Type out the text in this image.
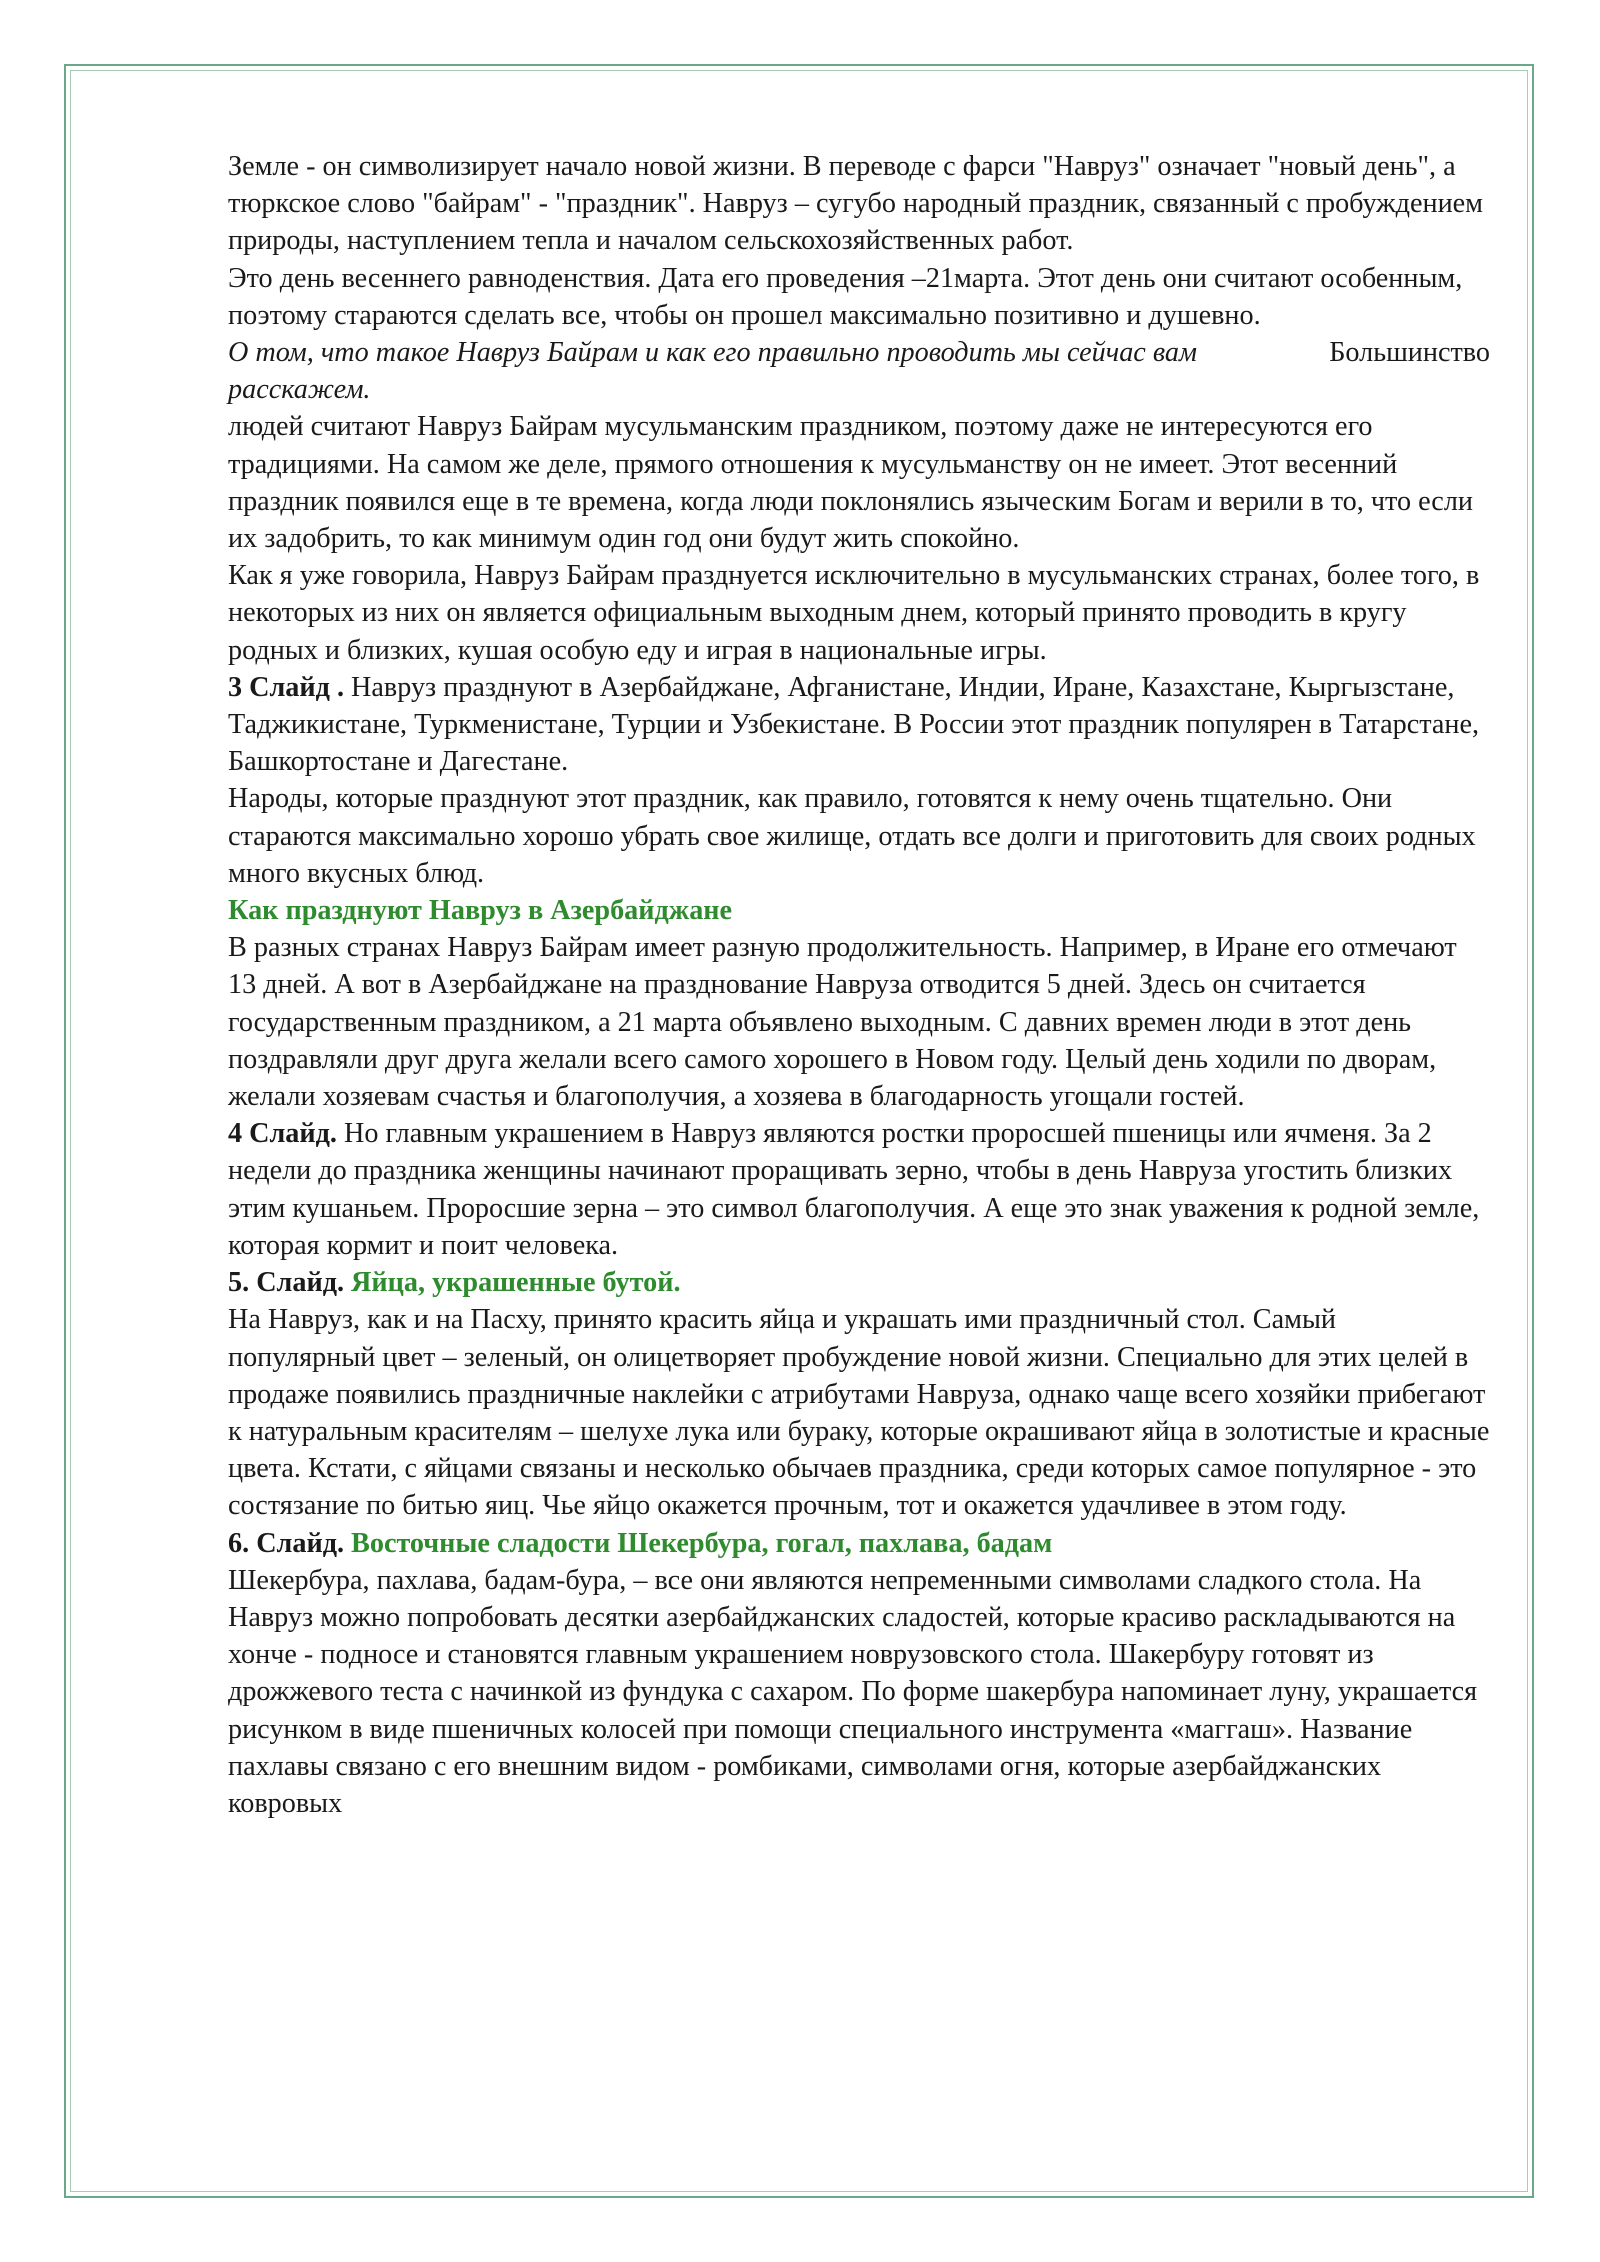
Земле - он символизирует начало новой жизни. В переводе с фарси "Навруз" означает "новый день", а тюркское слово "байрам" - "праздник". Навруз – сугубо народный праздник, связанный с пробуждением природы, наступлением тепла и началом сельскохозяйственных работ.

Это день весеннего равноденствия. Дата его проведения –21марта. Этот день они считают особенным, поэтому стараются сделать все, чтобы он прошел максимально позитивно и душевно.

Большинство
О том, что такое Навруз Байрам и как его правильно проводить мы сейчас вам расскажем.

людей считают Навруз Байрам мусульманским праздником, поэтому даже не интересуются его традициями. На самом же деле, прямого отношения к мусульманству он не имеет. Этот весенний праздник появился еще в те времена, когда люди поклонялись языческим Богам и верили в то, что если их задобрить, то как минимум один год они будут жить спокойно.

Как я уже говорила, Навруз Байрам празднуется исключительно в мусульманских странах, более того, в некоторых из них он является официальным выходным днем, который принято проводить в кругу родных и близких, кушая особую еду и играя в национальные игры.

3 Слайд . Навруз празднуют в Азербайджане, Афганистане, Индии, Иране, Казахстане, Кыргызстане, Таджикистане, Туркменистане, Турции и Узбекистане. В России этот праздник популярен в Татарстане, Башкортостане и Дагестане.

Народы, которые празднуют этот праздник, как правило, готовятся к нему очень тщательно. Они стараются максимально хорошо убрать свое жилище, отдать все долги и приготовить для своих родных много вкусных блюд.

Как празднуют Навруз в Азербайджане

В разных странах Навруз Байрам имеет разную продолжительность. Например, в Иране его отмечают 13 дней. А вот в Азербайджане на празднование Навруза отводится 5 дней. Здесь он считается государственным праздником, а 21 марта объявлено выходным. С давних времен люди в этот день поздравляли друг друга желали всего самого хорошего в Новом году. Целый день ходили по дворам, желали хозяевам счастья и благополучия, а хозяева в благодарность угощали гостей.

4 Слайд. Но главным украшением в Навруз являются ростки проросшей пшеницы или ячменя. За 2 недели до праздника женщины начинают проращивать зерно, чтобы в день Навруза угостить близких этим кушаньем. Проросшие зерна – это символ благополучия. А еще это знак уважения к родной земле, которая кормит и поит человека.

5. Слайд. Яйца, украшенные бутой.

На Навруз, как и на Пасху, принято красить яйца и украшать ими праздничный стол. Самый популярный цвет – зеленый, он олицетворяет пробуждение новой жизни. Специально для этих целей в продаже появились праздничные наклейки с атрибутами Навруза, однако чаще всего хозяйки прибегают к натуральным красителям – шелухе лука или бураку, которые окрашивают яйца в золотистые и красные цвета. Кстати, с яйцами связаны и несколько обычаев праздника, среди которых самое популярное - это состязание по битью яиц. Чье яйцо окажется прочным, тот и окажется удачливее в этом году.

6. Слайд. Восточные сладости Шекербура, гогал, пахлава, бадам

Шекербура, пахлава, бадам-бура, – все они являются непременными символами сладкого стола. На Навруз можно попробовать десятки азербайджанских сладостей, которые красиво раскладываются на хонче - подносе и становятся главным украшением новрузовского стола. Шакербуру готовят из дрожжевого теста с начинкой из фундука с сахаром. По форме шакербура напоминает луну, украшается рисунком в виде пшеничных колосей при помощи специального инструмента «маггаш». Название пахлавы связано с его внешним видом - ромбиками, символами огня, которые азербайджанских ковровых
